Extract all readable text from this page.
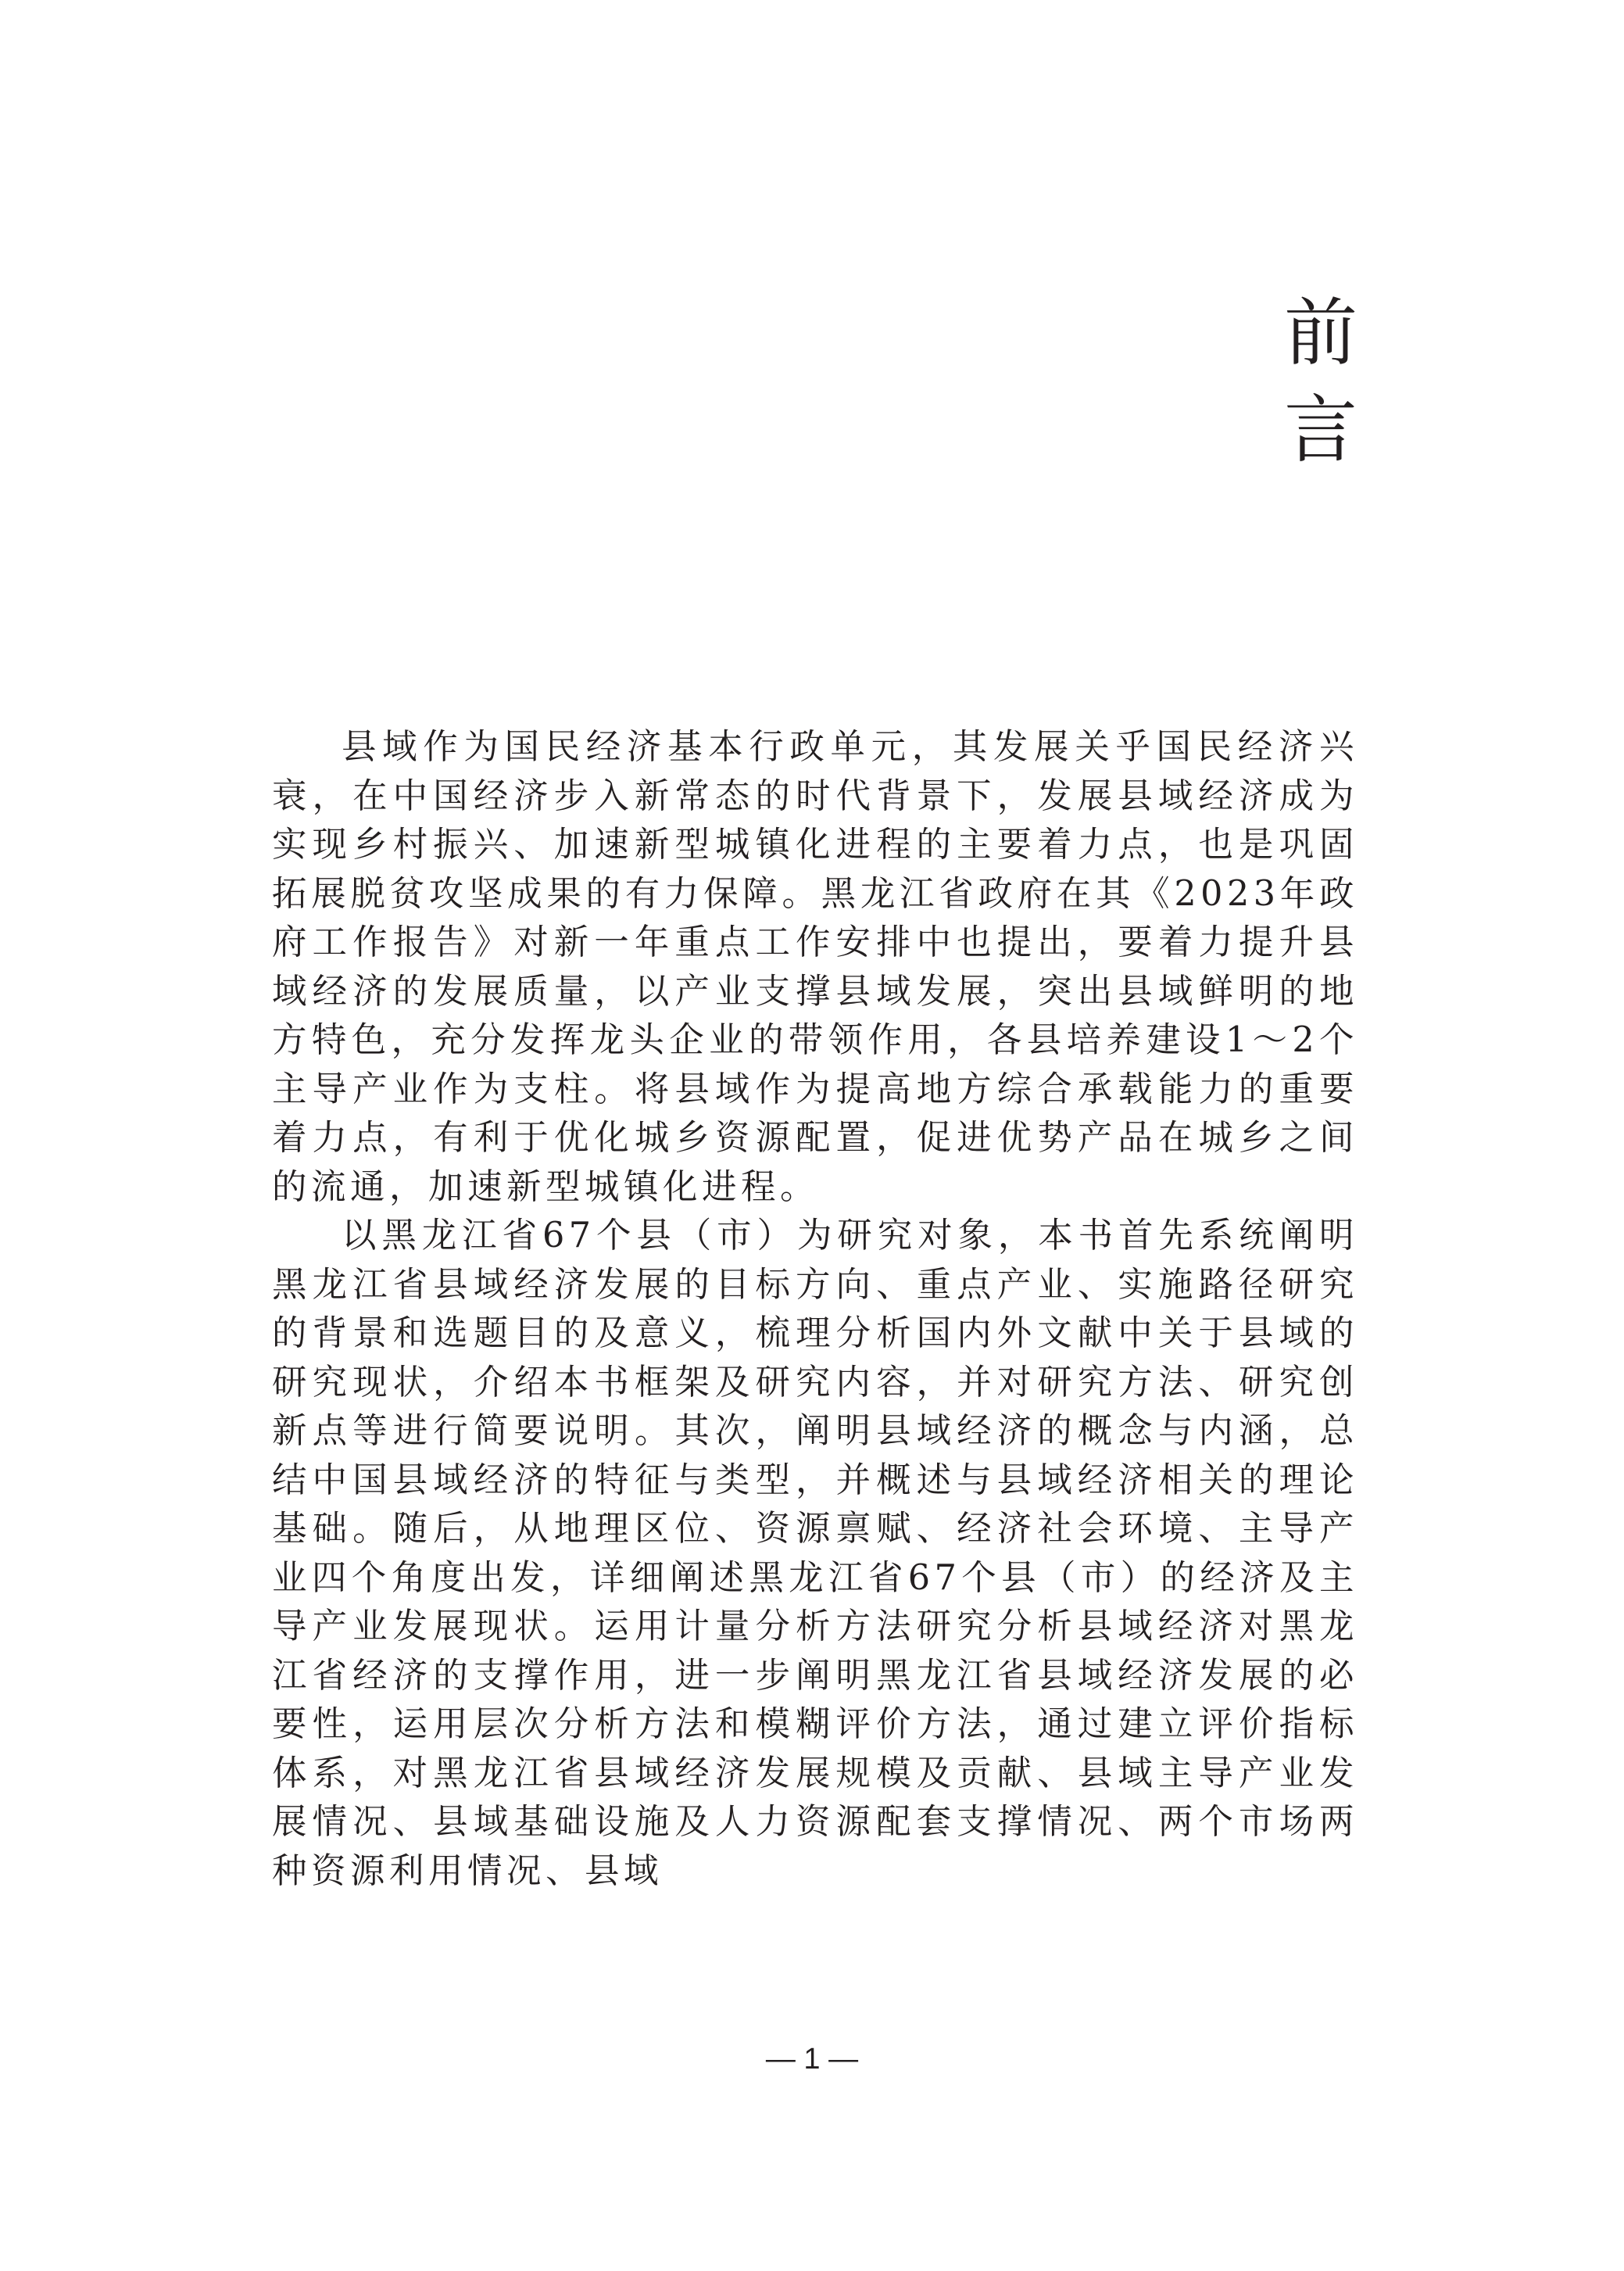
前
言

县域作为国民经济基本行政单元，其发展关乎国民经济兴衰，在中国经济步入新常态的时代背景下，发展县域经济成为实现乡村振兴、加速新型城镇化进程的主要着力点，也是巩固拓展脱贫攻坚成果的有力保障。黑龙江省政府在其《2023年政府工作报告》对新一年重点工作安排中也提出，要着力提升县域经济的发展质量，以产业支撑县域发展，突出县域鲜明的地方特色，充分发挥龙头企业的带领作用，各县培养建设1～2个主导产业作为支柱。将县域作为提高地方综合承载能力的重要着力点，有利于优化城乡资源配置，促进优势产品在城乡之间的流通，加速新型城镇化进程。

以黑龙江省67个县（市）为研究对象，本书首先系统阐明黑龙江省县域经济发展的目标方向、重点产业、实施路径研究的背景和选题目的及意义，梳理分析国内外文献中关于县域的研究现状，介绍本书框架及研究内容，并对研究方法、研究创新点等进行简要说明。其次，阐明县域经济的概念与内涵，总结中国县域经济的特征与类型，并概述与县域经济相关的理论基础。随后，从地理区位、资源禀赋、经济社会环境、主导产业四个角度出发，详细阐述黑龙江省67个县（市）的经济及主导产业发展现状。运用计量分析方法研究分析县域经济对黑龙江省经济的支撑作用，进一步阐明黑龙江省县域经济发展的必要性，运用层次分析方法和模糊评价方法，通过建立评价指标体系，对黑龙江省县域经济发展规模及贡献、县域主导产业发展情况、县域基础设施及人力资源配套支撑情况、两个市场两种资源利用情况、县域

— 1 —
